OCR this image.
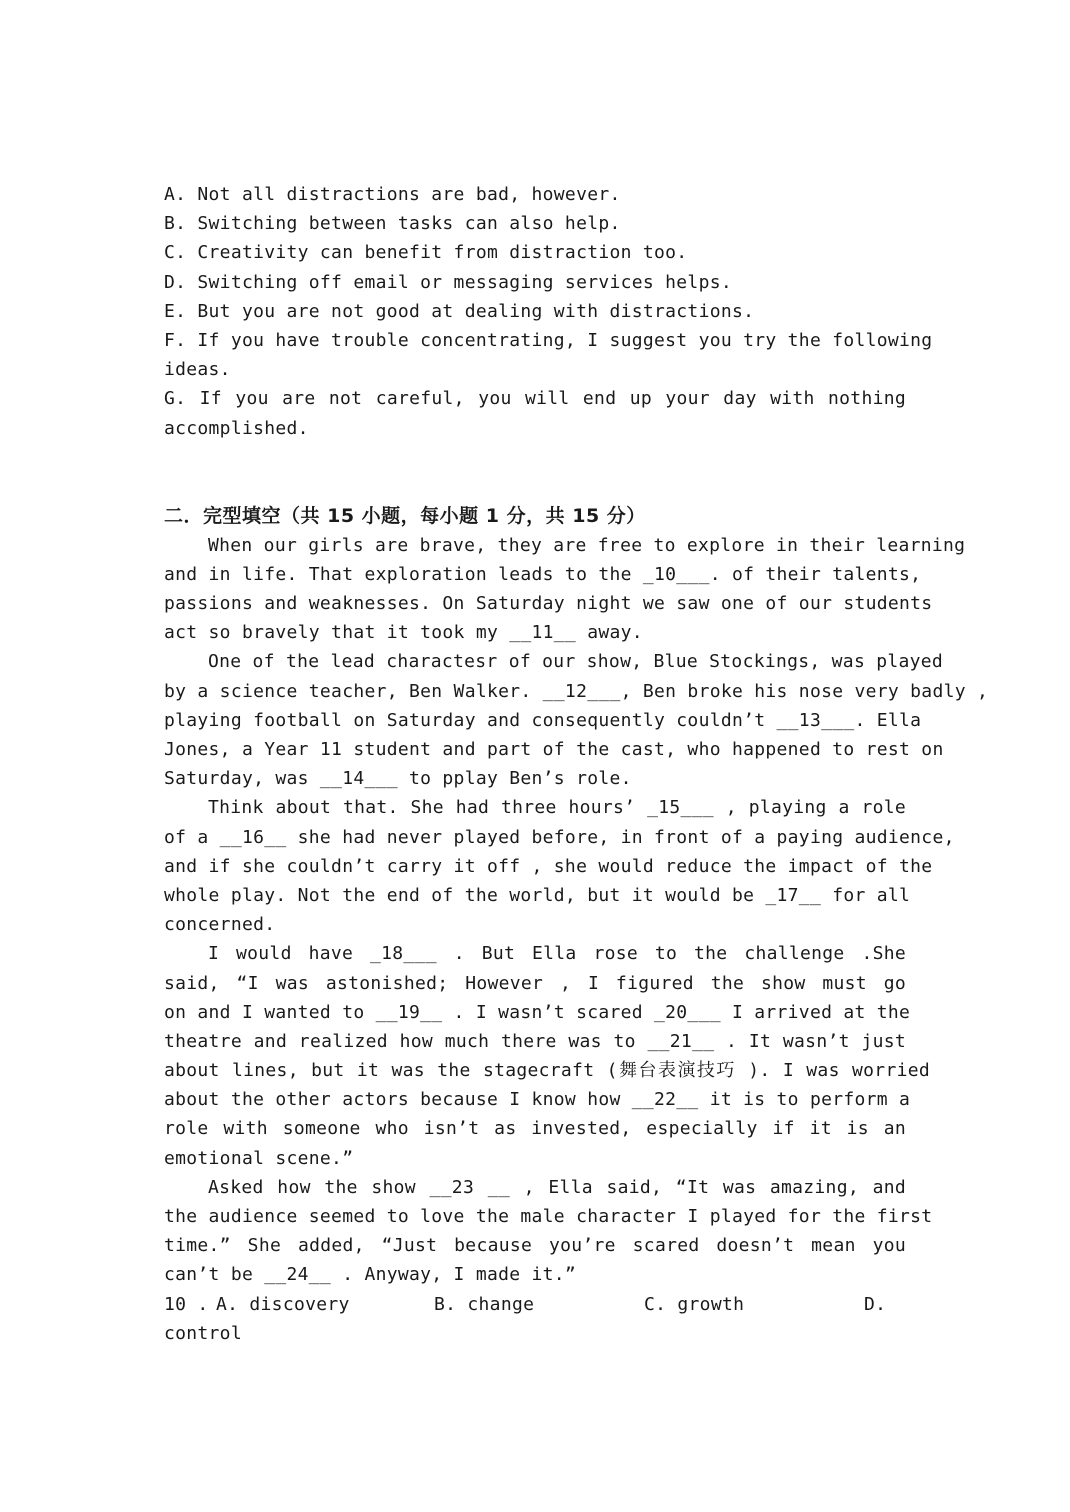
A. Not all distractions are bad, however.
B. Switching between tasks can also help.
C. Creativity can benefit from distraction too.
D. Switching off email or messaging services helps.
E. But you are not good at dealing with distractions.
F. If you have trouble concentrating, I suggest you try the following
ideas.
G. If you are not careful, you will end up your day with nothing
accomplished.
二．完型填空（共 15 小题，每小题 1 分，共 15 分）
When our girls are brave, they are free to explore in their learning
and in life. That exploration leads to the _10___. of their talents,
passions and weaknesses. On Saturday night we saw one of our students
act so bravely that it took my __11__ away.
One of the lead charactesr of our show, Blue Stockings, was played
by a science teacher, Ben Walker. __12___, Ben broke his nose very badly ,
playing football on Saturday and consequently couldn’t __13___. Ella
Jones, a Year 11 student and part of the cast, who happened to rest on
Saturday, was __14___ to pplay Ben’s role.
Think about that. She had three hours’ _15___ , playing a role
of a __16__ she had never played before, in front of a paying audience,
and if she couldn’t carry it off , she would reduce the impact of the
whole play. Not the end of the world, but it would be _17__ for all
concerned.
I would have _18___ . But Ella rose to the challenge .She
said, “I was astonished; However , I figured the show must go
on and I wanted to __19__ . I wasn’t scared _20___ I arrived at the
theatre and realized how much there was to __21__ . It wasn’t just
about lines, but it was the stagecraft (舞台表演技巧 ). I was worried
about the other actors because I know how __22__ it is to perform a
role with someone who isn’t as invested, especially if it is an
emotional scene.”
Asked how the show __23 __ , Ella said, “It was amazing, and
the audience seemed to love the male character I played for the first
time.” She added, “Just because you’re scared doesn’t mean you
can’t be __24__ . Anyway, I made it.”
10 . A. discovery	B. change	C. growth	D.
control
